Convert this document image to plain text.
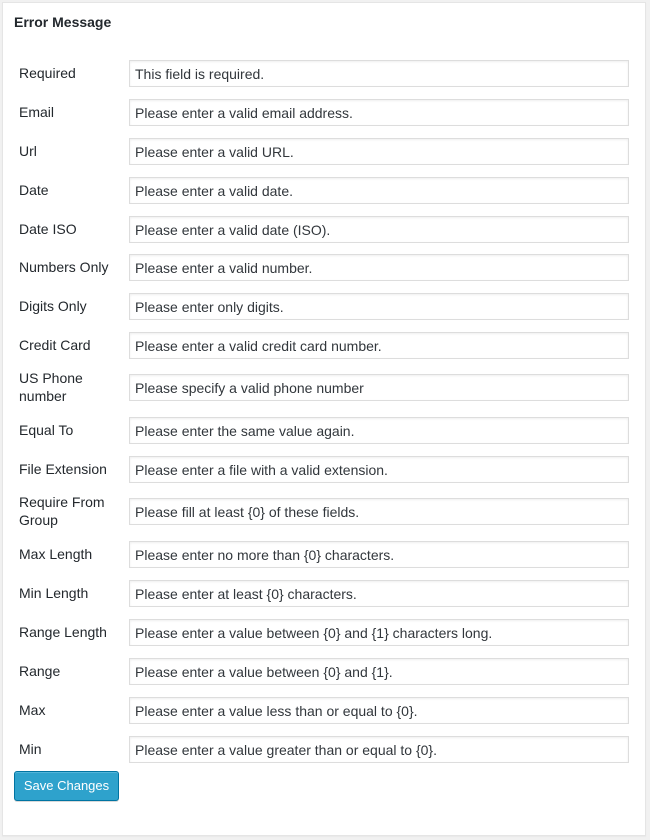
Error Message
Required
This field is required.
Email
Please enter a valid email address.
Url
Please enter a valid URL.
Date
Please enter a valid date.
Date ISO
Please enter a valid date (ISO).
Numbers Only
Please enter a valid number.
Digits Only
Please enter only digits.
Credit Card
Please enter a valid credit card number.
US Phone number
Please specify a valid phone number
Equal To
Please enter the same value again.
File Extension
Please enter a file with a valid extension.
Require From Group
Please fill at least {0} of these fields.
Max Length
Please enter no more than {0} characters.
Min Length
Please enter at least {0} characters.
Range Length
Please enter a value between {0} and {1} characters long.
Range
Please enter a value between {0} and {1}.
Max
Please enter a value less than or equal to {0}.
Min
Please enter a value greater than or equal to {0}.
Save Changes
